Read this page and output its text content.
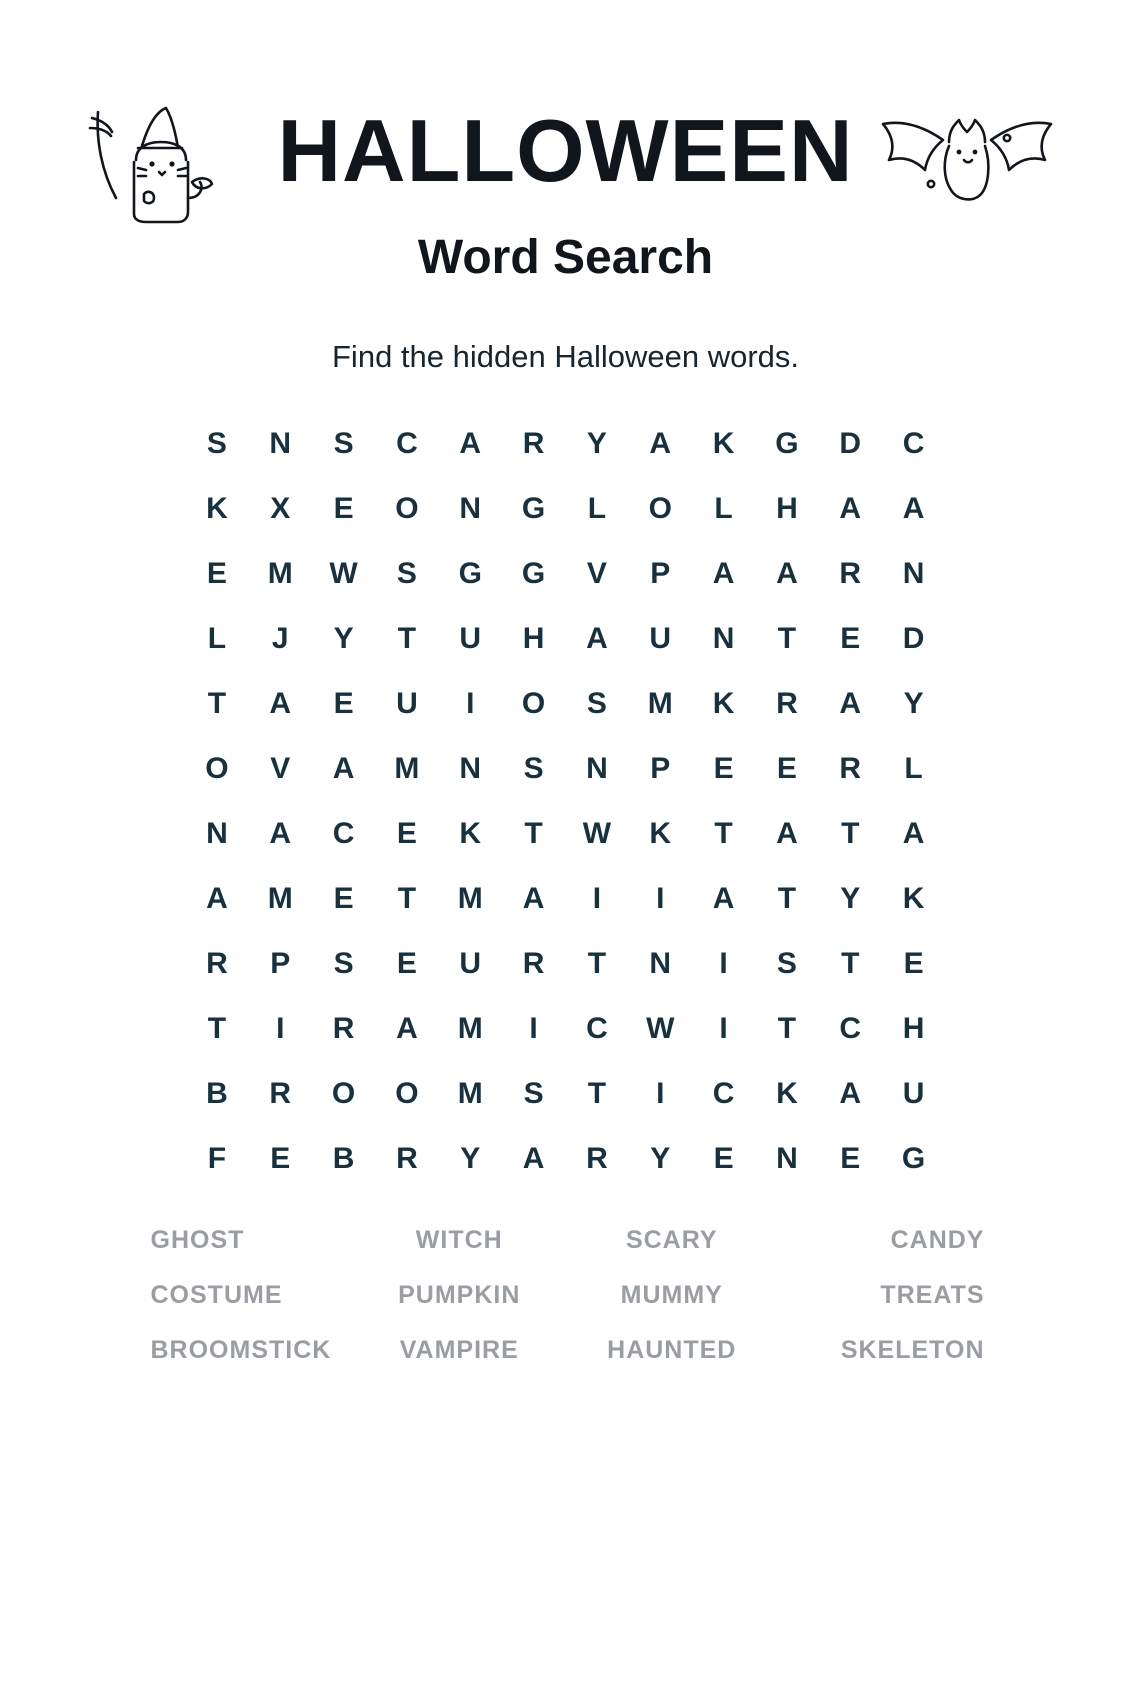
HALLOWEEN
Word Search
Find the hidden Halloween words.
S	N	S	C	A	R	Y	A	K	G	D	C
K	X	E	O	N	G	L	O	L	H	A	A
E	M	W	S	G	G	V	P	A	A	R	N
L	J	Y	T	U	H	A	U	N	T	E	D
T	A	E	U	I	O	S	M	K	R	A	Y
O	V	A	M	N	S	N	P	E	E	R	L
N	A	C	E	K	T	W	K	T	A	T	A
A	M	E	T	M	A	I	I	A	T	Y	K
R	P	S	E	U	R	T	N	I	S	T	E
T	I	R	A	M	I	C	W	I	T	C	H
B	R	O	O	M	S	T	I	C	K	A	U
F	E	B	R	Y	A	R	Y	E	N	E	G
GHOST	WITCH	SCARY	CANDY
COSTUME	PUMPKIN	MUMMY	TREATS
BROOMSTICK	VAMPIRE	HAUNTED	SKELETON
